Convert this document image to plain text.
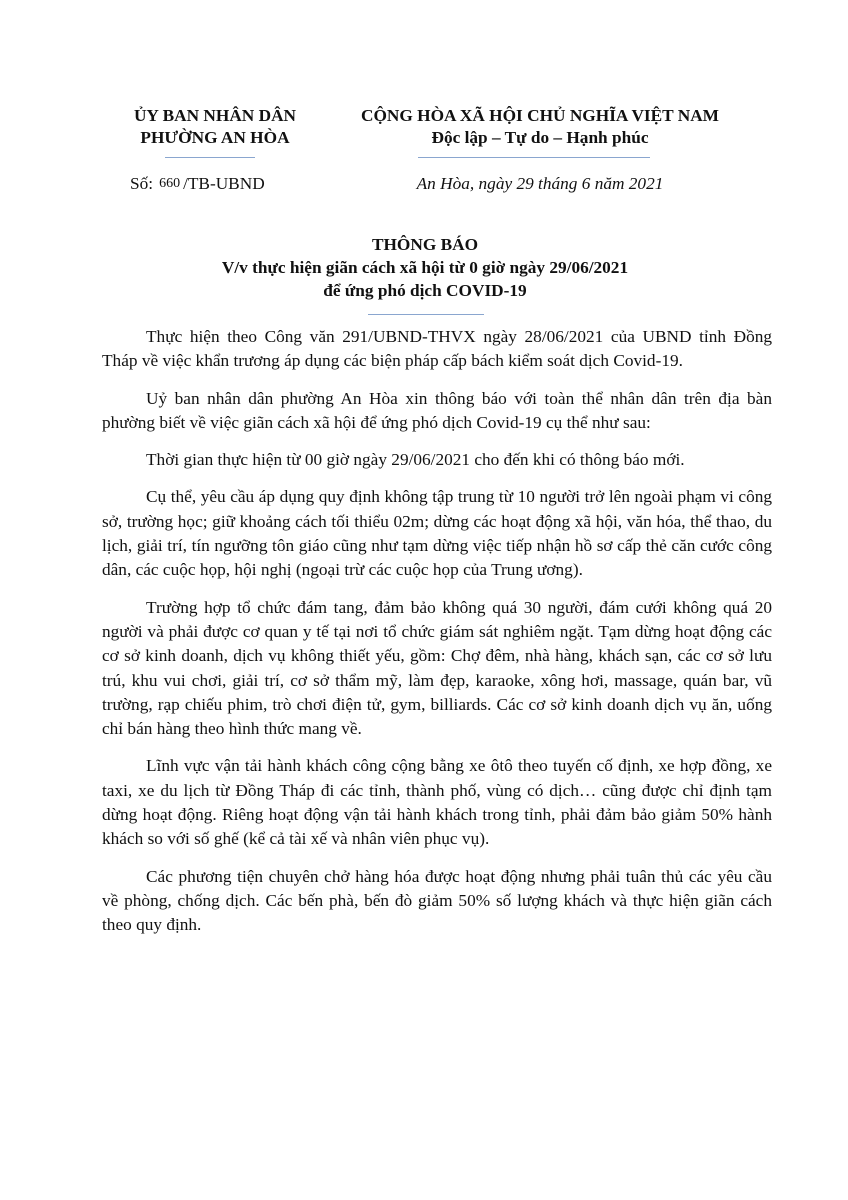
ỦY BAN NHÂN DÂN
PHƯỜNG AN HÒA
CỘNG HÒA XÃ HỘI CHỦ NGHĨA VIỆT NAM
Độc lập – Tự do – Hạnh phúc
Số: 660 /TB-UBND	An Hòa, ngày 29 tháng 6 năm 2021
THÔNG BÁO
V/v thực hiện giãn cách xã hội từ 0 giờ ngày 29/06/2021
để ứng phó dịch COVID-19

Thực hiện theo Công văn 291/UBND-THVX ngày 28/06/2021 của UBND tỉnh Đồng Tháp về việc khẩn trương áp dụng các biện pháp cấp bách kiểm soát dịch Covid-19.

Uỷ ban nhân dân phường An Hòa xin thông báo với toàn thể nhân dân trên địa bàn phường biết về việc giãn cách xã hội để ứng phó dịch Covid-19 cụ thể như sau:

Thời gian thực hiện từ 00 giờ ngày 29/06/2021 cho đến khi có thông báo mới.

Cụ thể, yêu cầu áp dụng quy định không tập trung từ 10 người trở lên ngoài phạm vi công sở, trường học; giữ khoảng cách tối thiểu 02m; dừng các hoạt động xã hội, văn hóa, thể thao, du lịch, giải trí, tín ngưỡng tôn giáo cũng như tạm dừng việc tiếp nhận hồ sơ cấp thẻ căn cước công dân, các cuộc họp, hội nghị (ngoại trừ các cuộc họp của Trung ương).

Trường hợp tổ chức đám tang, đảm bảo không quá 30 người, đám cưới không quá 20 người và phải được cơ quan y tế tại nơi tổ chức giám sát nghiêm ngặt. Tạm dừng hoạt động các cơ sở kinh doanh, dịch vụ không thiết yếu, gồm: Chợ đêm, nhà hàng, khách sạn, các cơ sở lưu trú, khu vui chơi, giải trí, cơ sở thẩm mỹ, làm đẹp, karaoke, xông hơi, massage, quán bar, vũ trường, rạp chiếu phim, trò chơi điện tử, gym, billiards. Các cơ sở kinh doanh dịch vụ ăn, uống chỉ bán hàng theo hình thức mang về.

Lĩnh vực vận tải hành khách công cộng bằng xe ôtô theo tuyến cố định, xe hợp đồng, xe taxi, xe du lịch từ Đồng Tháp đi các tỉnh, thành phố, vùng có dịch… cũng được chỉ định tạm dừng hoạt động. Riêng hoạt động vận tải hành khách trong tỉnh, phải đảm bảo giảm 50% hành khách so với số ghế (kể cả tài xế và nhân viên phục vụ).

Các phương tiện chuyên chở hàng hóa được hoạt động nhưng phải tuân thủ các yêu cầu về phòng, chống dịch. Các bến phà, bến đò giảm 50% số lượng khách và thực hiện giãn cách theo quy định.
